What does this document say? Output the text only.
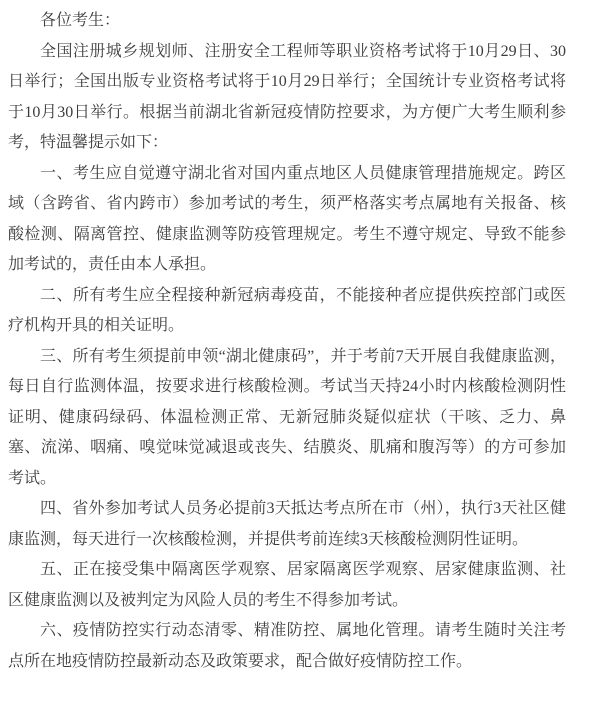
各位考生：

全国注册城乡规划师、注册安全工程师等职业资格考试将于10月29日、30日举行；全国出版专业资格考试将于10月29日举行；全国统计专业资格考试将于10月30日举行。根据当前湖北省新冠疫情防控要求，为方便广大考生顺利参考，特温馨提示如下：

一、考生应自觉遵守湖北省对国内重点地区人员健康管理措施规定。跨区域（含跨省、省内跨市）参加考试的考生，须严格落实考点属地有关报备、核酸检测、隔离管控、健康监测等防疫管理规定。考生不遵守规定、导致不能参加考试的，责任由本人承担。

二、所有考生应全程接种新冠病毒疫苗，不能接种者应提供疾控部门或医疗机构开具的相关证明。

三、所有考生须提前申领“湖北健康码”，并于考前7天开展自我健康监测，每日自行监测体温，按要求进行核酸检测。考试当天持24小时内核酸检测阴性证明、健康码绿码、体温检测正常、无新冠肺炎疑似症状（干咳、乏力、鼻塞、流涕、咽痛、嗅觉味觉减退或丧失、结膜炎、肌痛和腹泻等）的方可参加考试。

四、省外参加考试人员务必提前3天抵达考点所在市（州），执行3天社区健康监测，每天进行一次核酸检测，并提供考前连续3天核酸检测阴性证明。

五、正在接受集中隔离医学观察、居家隔离医学观察、居家健康监测、社区健康监测以及被判定为风险人员的考生不得参加考试。

六、疫情防控实行动态清零、精准防控、属地化管理。请考生随时关注考点所在地疫情防控最新动态及政策要求，配合做好疫情防控工作。
